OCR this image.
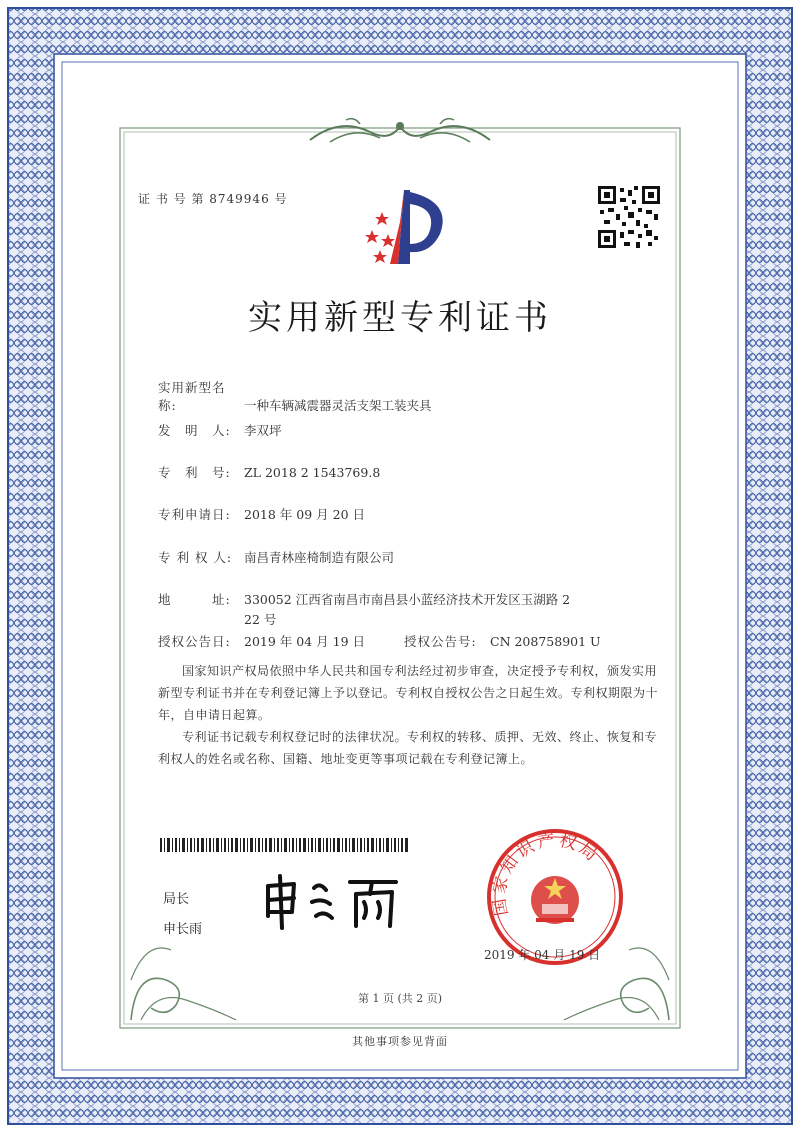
证 书 号 第 8749946 号
实用新型专利证书
实用新型名称:	一种车辆减震器灵活支架工装夹具
发　明　人: 李双坪
专　利　号: ZL 2018 2 1543769.8
专利申请日: 2018 年 09 月 20 日
专 利 权 人: 南昌青林座椅制造有限公司
地　　　址: 330052 江西省南昌市南昌县小蓝经济技术开发区玉湖路 2
22 号
授权公告日: 2019 年 04 月 19 日	授权公告号: CN 208758901 U
国家知识产权局依照中华人民共和国专利法经过初步审查，决定授予专利权，颁发实用新型专利证书并在专利登记簿上予以登记。专利权自授权公告之日起生效。专利权期限为十年，自申请日起算。
专利证书记载专利权登记时的法律状况。专利权的转移、质押、无效、终止、恢复和专利权人的姓名或名称、国籍、地址变更等事项记载在专利登记簿上。
局长
申长雨
国家知识产权局
2019 年 04 月 19 日
第 1 页 (共 2 页)
其他事项参见背面
